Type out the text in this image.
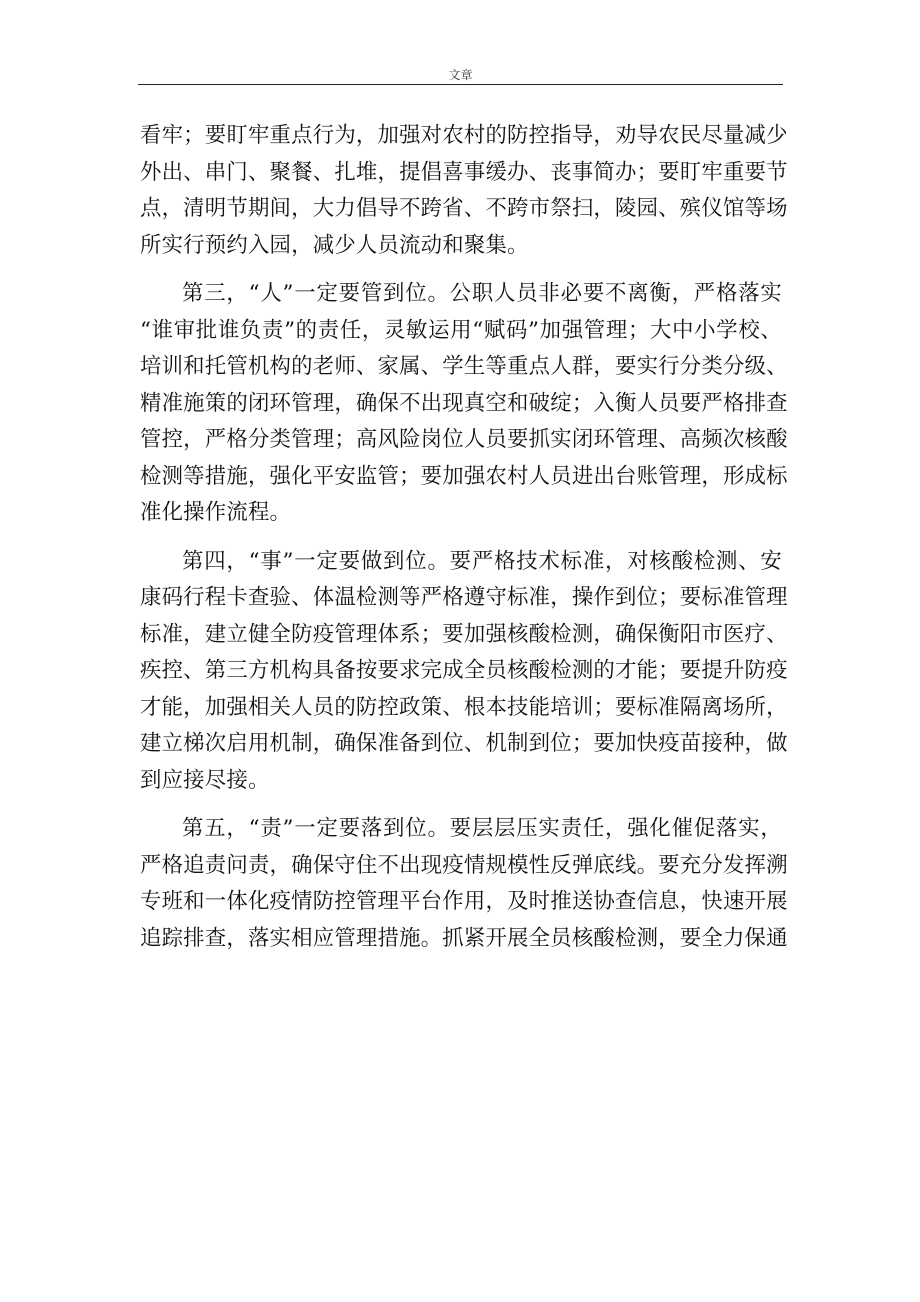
文章
看牢；要盯牢重点行为，加强对农村的防控指导，劝导农民尽量减少
外出、串门、聚餐、扎堆，提倡喜事缓办、丧事简办；要盯牢重要节
点，清明节期间，大力倡导不跨省、不跨市祭扫，陵园、殡仪馆等场
所实行预约入园，减少人员流动和聚集。
第三，“人”一定要管到位。公职人员非必要不离衡，严格落实
“谁审批谁负责”的责任，灵敏运用“赋码”加强管理；大中小学校、
培训和托管机构的老师、家属、学生等重点人群，要实行分类分级、
精准施策的闭环管理，确保不出现真空和破绽；入衡人员要严格排查
管控，严格分类管理；高风险岗位人员要抓实闭环管理、高频次核酸
检测等措施，强化平安监管；要加强农村人员进出台账管理，形成标
准化操作流程。
第四，“事”一定要做到位。要严格技术标准，对核酸检测、安
康码行程卡查验、体温检测等严格遵守标准，操作到位；要标准管理
标准，建立健全防疫管理体系；要加强核酸检测，确保衡阳市医疗、
疾控、第三方机构具备按要求完成全员核酸检测的才能；要提升防疫
才能，加强相关人员的防控政策、根本技能培训；要标准隔离场所，
建立梯次启用机制，确保准备到位、机制到位；要加快疫苗接种，做
到应接尽接。
第五，“责”一定要落到位。要层层压实责任，强化催促落实，
严格追责问责，确保守住不出现疫情规模性反弹底线。要充分发挥溯
专班和一体化疫情防控管理平台作用，及时推送协查信息，快速开展
追踪排查，落实相应管理措施。抓紧开展全员核酸检测，要全力保通
